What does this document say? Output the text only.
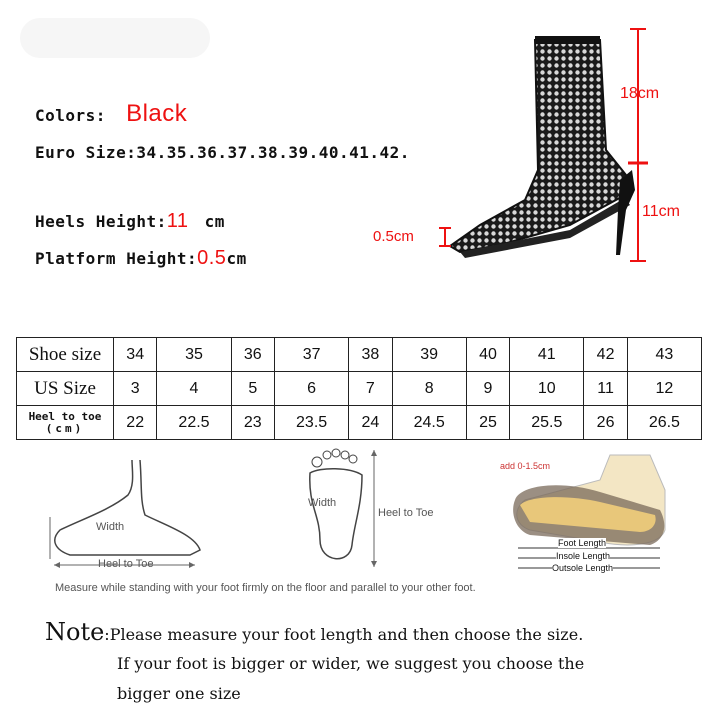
Colors: Black
Euro Size:34.35.36.37.38.39.40.41.42.
Heels Height:11 cm
Platform Height:0.5cm
18cm
11cm
0.5cm
Shoe size	34	35	36	37	38	39	40	41	42	43
US Size	3	4	5	6	7	8	9	10	11	12

Heel to toe
(cm)	22	22.5	23	23.5	24	24.5	25	25.5	26	26.5
Width
Heel to Toe
Width
Heel to Toe
add 0-1.5cm
Foot Length
Insole Length
Outsole Length
Measure while standing with your foot firmly on the floor and parallel to your other foot.
Note:Please measure your foot length and then choose the size.
If your foot is bigger or wider, we suggest you choose the
bigger one size
